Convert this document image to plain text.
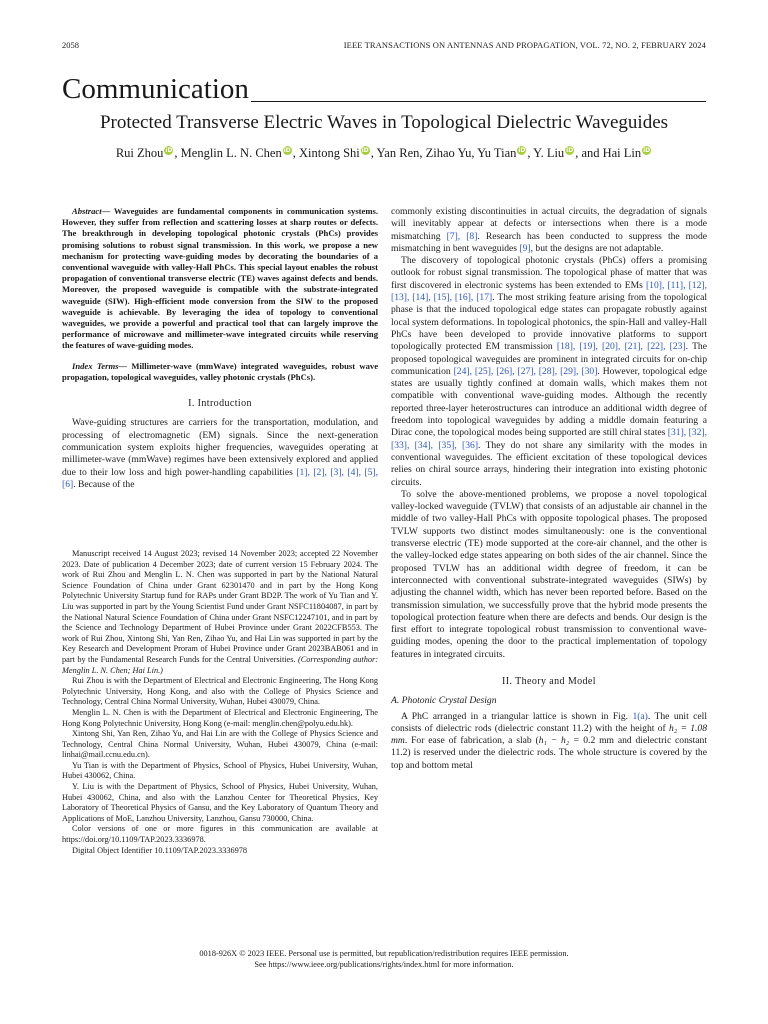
2058	IEEE TRANSACTIONS ON ANTENNAS AND PROPAGATION, VOL. 72, NO. 2, FEBRUARY 2024
Communication
Protected Transverse Electric Waves in Topological Dielectric Waveguides
Rui Zhou iD , Menglin L. N. Chen iD , Xintong Shi iD , Yan Ren, Zihao Yu, Yu Tian iD , Y. Liu iD , and Hai Lin iD

Abstract— Waveguides are fundamental components in communication systems. However, they suffer from reflection and scattering losses at sharp routes or defects. The breakthrough in developing topological photonic crystals (PhCs) provides promising solutions to robust signal transmission. In this work, we propose a new mechanism for protecting wave-guiding modes by decorating the boundaries of a conventional waveguide with valley-Hall PhCs. This special layout enables the robust propagation of conventional transverse electric (TE) waves against defects and bends. Moreover, the proposed waveguide is compatible with the substrate-integrated waveguide (SIW). High-efficient mode conversion from the SIW to the proposed waveguide is achievable. By leveraging the idea of topology to conventional waveguides, we provide a powerful and practical tool that can largely improve the performance of microwave and millimeter-wave integrated circuits while reserving the features of wave-guiding modes.

Index Terms— Millimeter-wave (mmWave) integrated waveguides, robust wave propagation, topological waveguides, valley photonic crystals (PhCs).

I. Introduction

Wave-guiding structures are carriers for the transportation, modulation, and processing of electromagnetic (EM) signals. Since the next-generation communication system exploits higher frequencies, waveguides operating at millimeter-wave (mmWave) regimes have been extensively explored and applied due to their low loss and high power-handling capabilities [1], [2], [3], [4], [5], [6]. Because of the

Manuscript received 14 August 2023; revised 14 November 2023; accepted 22 November 2023. Date of publication 4 December 2023; date of current version 15 February 2024. The work of Rui Zhou and Menglin L. N. Chen was supported in part by the National Natural Science Foundation of China under Grant 62301470 and in part by the Hong Kong Polytechnic University Startup fund for RAPs under Grant BD2P. The work of Yu Tian and Y. Liu was supported in part by the Young Scientist Fund under Grant NSFC11804087, in part by the National Natural Science Foundation of China under Grant NSFC12247101, and in part by the Science and Technology Department of Hubei Province under Grant 2022CFB553. The work of Rui Zhou, Xintong Shi, Yan Ren, Zihao Yu, and Hai Lin was supported in part by the Key Research and Development Proram of Hubei Province under Grant 2023BAB061 and in part by the Fundamental Research Funds for the Central Universities. (Corresponding author: Menglin L. N. Chen; Hai Lin.)

Rui Zhou is with the Department of Electrical and Electronic Engineering, The Hong Kong Polytechnic University, Hong Kong, and also with the College of Physics Science and Technology, Central China Normal University, Wuhan, Hubei 430079, China.

Menglin L. N. Chen is with the Department of Electrical and Electronic Engineering, The Hong Kong Polytechnic University, Hong Kong (e-mail: menglin.chen@polyu.edu.hk).

Xintong Shi, Yan Ren, Zihao Yu, and Hai Lin are with the College of Physics Science and Technology, Central China Normal University, Wuhan, Hubei 430079, China (e-mail: linhai@mail.ccnu.edu.cn).

Yu Tian is with the Department of Physics, School of Physics, Hubei University, Wuhan, Hubei 430062, China.

Y. Liu is with the Department of Physics, School of Physics, Hubei University, Wuhan, Hubei 430062, China, and also with the Lanzhou Center for Theoretical Physics, Key Laboratory of Theoretical Physics of Gansu, and the Key Laboratory of Quantum Theory and Applications of MoE, Lanzhou University, Lanzhou, Gansu 730000, China.

Color versions of one or more figures in this communication are available at https://doi.org/10.1109/TAP.2023.3336978.

Digital Object Identifier 10.1109/TAP.2023.3336978

commonly existing discontinuities in actual circuits, the degradation of signals will inevitably appear at defects or intersections when there is a mode mismatching [7], [8]. Research has been conducted to suppress the mode mismatching in bent waveguides [9], but the designs are not adaptable.

The discovery of topological photonic crystals (PhCs) offers a promising outlook for robust signal transmission. The topological phase of matter that was first discovered in electronic systems has been extended to EMs [10], [11], [12], [13], [14], [15], [16], [17]. The most striking feature arising from the topological phase is that the induced topological edge states can propagate robustly against local system deformations. In topological photonics, the spin-Hall and valley-Hall PhCs have been developed to provide innovative platforms to support topologically protected EM transmission [18], [19], [20], [21], [22], [23]. The proposed topological waveguides are prominent in integrated circuits for on-chip communication [24], [25], [26], [27], [28], [29], [30]. However, topological edge states are usually tightly confined at domain walls, which makes them not compatible with conventional wave-guiding modes. Although the recently reported three-layer heterostructures can introduce an additional width degree of freedom into topological waveguides by adding a middle domain featuring a Dirac cone, the topological modes being supported are still chiral states [31], [32], [33], [34], [35], [36]. They do not share any similarity with the modes in conventional waveguides. The efficient excitation of these topological devices relies on chiral source arrays, hindering their integration into existing photonic circuits.

To solve the above-mentioned problems, we propose a novel topological valley-locked waveguide (TVLW) that consists of an adjustable air channel in the middle of two valley-Hall PhCs with opposite topological phases. The proposed TVLW supports two distinct modes simultaneously: one is the conventional transverse electric (TE) mode supported at the core-air channel, and the other is the valley-locked edge states appearing on both sides of the air channel. Since the proposed TVLW has an additional width degree of freedom, it can be interconnected with conventional substrate-integrated waveguides (SIWs) by adjusting the channel width, which has never been reported before. Based on the transmission simulation, we successfully prove that the hybrid mode presents the topological protection feature when there are defects and bends. Our design is the first effort to integrate topological robust transmission to conventional wave-guiding modes, opening the door to the practical implementation of topology features in integrated circuits.

II. Theory and Model

A. Photonic Crystal Design

A PhC arranged in a triangular lattice is shown in Fig. 1(a). The unit cell consists of dielectric rods (dielectric constant 11.2) with the height of h₂ = 1.08 mm. For ease of fabrication, a slab (h₁ − h₂ = 0.2 mm and dielectric constant 11.2) is reserved under the dielectric rods. The whole structure is covered by the top and bottom metal

0018-926X © 2023 IEEE. Personal use is permitted, but republication/redistribution requires IEEE permission.
See https://www.ieee.org/publications/rights/index.html for more information.
